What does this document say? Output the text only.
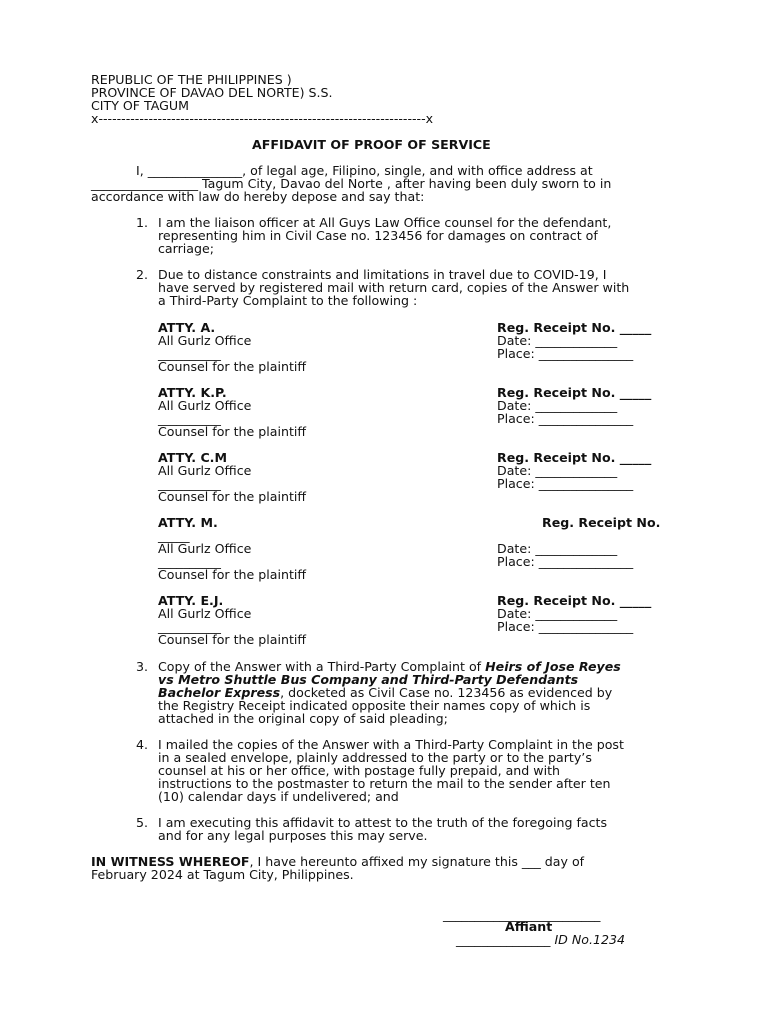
REPUBLIC OF THE PHILIPPINES )
PROVINCE OF DAVAO DEL NORTE) S.S.
CITY OF TAGUM
x------------------------------------------------------------------------x
AFFIDAVIT OF PROOF OF SERVICE
I, _______________, of legal age, Filipino, single, and with office address at
_________________ Tagum City, Davao del Norte , after having been duly sworn to in
accordance with law do hereby depose and say that:
1. I am the liaison officer at All Guys Law Office counsel for the defendant,
representing him in Civil Case no. 123456 for damages on contract of
carriage;
2. Due to distance constraints and limitations in travel due to COVID-19, I
have served by registered mail with return card, copies of the Answer with
a Third-Party Complaint to the following :
ATTY. A.
All Gurlz Office
__________
Counsel for the plaintiff
Reg. Receipt No. _____
Date: _____________
Place: _______________
ATTY. K.P.
All Gurlz Office
__________
Counsel for the plaintiff
Reg. Receipt No. _____
Date: _____________
Place: _______________
ATTY. C.M
All Gurlz Office
__________
Counsel for the plaintiff
Reg. Receipt No. _____
Date: _____________
Place: _______________
ATTY. M.
_____
All Gurlz Office
__________
Counsel for the plaintiff
Reg. Receipt No.
Date: _____________
Place: _______________
ATTY. E.J.
All Gurlz Office
__________
Counsel for the plaintiff
Reg. Receipt No. _____
Date: _____________
Place: _______________
3. Copy of the Answer with a Third-Party Complaint of Heirs of Jose Reyes
vs Metro Shuttle Bus Company and Third-Party Defendants
Bachelor Express, docketed as Civil Case no. 123456 as evidenced by
the Registry Receipt indicated opposite their names copy of which is
attached in the original copy of said pleading;
4. I mailed the copies of the Answer with a Third-Party Complaint in the post
in a sealed envelope, plainly addressed to the party or to the party’s
counsel at his or her office, with postage fully prepaid, and with
instructions to the postmaster to return the mail to the sender after ten
(10) calendar days if undelivered; and
5. I am executing this affidavit to attest to the truth of the foregoing facts
and for any legal purposes this may serve.
IN WITNESS WHEREOF, I have hereunto affixed my signature this ___ day of
February 2024 at Tagum City, Philippines.
_________________________
Affiant
_______________ ID No.1234
